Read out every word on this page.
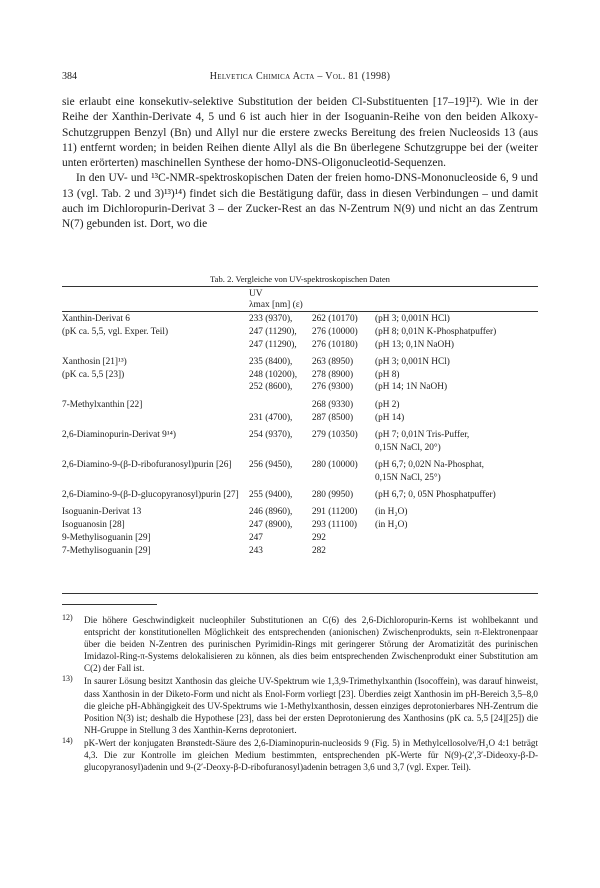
384	Helvetica Chimica Acta – Vol. 81 (1998)

sie erlaubt eine konsekutiv-selektive Substitution der beiden Cl-Substituenten [17–19]¹²). Wie in der Reihe der Xanthin-Derivate 4, 5 und 6 ist auch hier in der Isoguanin-Reihe von den beiden Alkoxy-Schutzgruppen Benzyl (Bn) und Allyl nur die erstere zwecks Bereitung des freien Nucleosids 13 (aus 11) entfernt worden; in beiden Reihen diente Allyl als die Bn überlegene Schutzgruppe bei der (weiter unten erörterten) maschinellen Synthese der homo-DNS-Oligonucleotid-Sequenzen.

In den UV- und ¹³C-NMR-spektroskopischen Daten der freien homo-DNS-Mononucleoside 6, 9 und 13 (vgl. Tab. 2 und 3)¹³)¹⁴) findet sich die Bestätigung dafür, dass in diesen Verbindungen – und damit auch im Dichloropurin-Derivat 3 – der Zucker-Rest an das N-Zentrum N(9) und nicht an das Zentrum N(7) gebunden ist. Dort, wo die

Tab. 2. Vergleiche von UV-spektroskopischen Daten
UV
λmax [nm] (ε)
Xanthin-Derivat 6	233 (9370),	262 (10170)	(pH 3; 0,001N HCl)
(pK ca. 5,5, vgl. Exper. Teil)	247 (11290),	276 (10000)	(pH 8; 0,01N K-Phosphatpuffer)
	247 (11290),	276 (10180)	(pH 13; 0,1N NaOH)
Xanthosin [21]¹³)	235 (8400),	263 (8950)	(pH 3; 0,001N HCl)
(pK ca. 5,5 [23])	248 (10200),	278 (8900)	(pH 8)
	252 (8600),	276 (9300)	(pH 14; 1N NaOH)
7-Methylxanthin [22]		268 (9330)	(pH 2)
	231 (4700),	287 (8500)	(pH 14)
2,6-Diaminopurin-Derivat 9¹⁴)	254 (9370),	279 (10350)	(pH 7; 0,01N Tris-Puffer,
			0,15N NaCl, 20°)
2,6-Diamino-9-(β-D-ribofuranosyl)purin [26]	256 (9450),	280 (10000)	(pH 6,7; 0,02N Na-Phosphat,
			0,15N NaCl, 25°)
2,6-Diamino-9-(β-D-glucopyranosyl)purin [27]	255 (9400),	280 (9950)	(pH 6,7; 0, 05N Phosphatpuffer)
Isoguanin-Derivat 13	246 (8960),	291 (11200)	(in H₂O)
Isoguanosin [28]	247 (8900),	293 (11100)	(in H₂O)
9-Methylisoguanin [29]	247	292	
7-Methylisoguanin [29]	243	282	
12)	Die höhere Geschwindigkeit nucleophiler Substitutionen an C(6) des 2,6-Dichloropurin-Kerns ist wohlbekannt und entspricht der konstitutionellen Möglichkeit des entsprechenden (anionischen) Zwischenprodukts, sein π-Elektronenpaar über die beiden N-Zentren des purinischen Pyrimidin-Rings mit geringerer Störung der Aromatizität des purinischen Imidazol-Ring-π-Systems delokalisieren zu können, als dies beim entsprechenden Zwischenprodukt einer Substitution am C(2) der Fall ist.
13)	In saurer Lösung besitzt Xanthosin das gleiche UV-Spektrum wie 1,3,9-Trimethylxanthin (Isocoffein), was darauf hinweist, dass Xanthosin in der Diketo-Form und nicht als Enol-Form vorliegt [23]. Überdies zeigt Xanthosin im pH-Bereich 3,5–8,0 die gleiche pH-Abhängigkeit des UV-Spektrums wie 1-Methylxanthosin, dessen einziges deprotonierbares NH-Zentrum die Position N(3) ist; deshalb die Hypothese [23], dass bei der ersten Deprotonierung des Xanthosins (pK ca. 5,5 [24][25]) die NH-Gruppe in Stellung 3 des Xanthin-Kerns deprotoniert.
14)	pK-Wert der konjugaten Brønstedt-Säure des 2,6-Diaminopurin-nucleosids 9 (Fig. 5) in Methylcellosolve/H₂O 4:1 beträgt 4,3. Die zur Kontrolle im gleichen Medium bestimmten, entsprechenden pK-Werte für N(9)-(2′,3′-Dideoxy-β-D-glucopyranosyl)adenin und 9-(2′-Deoxy-β-D-ribofuranosyl)adenin betragen 3,6 und 3,7 (vgl. Exper. Teil).
